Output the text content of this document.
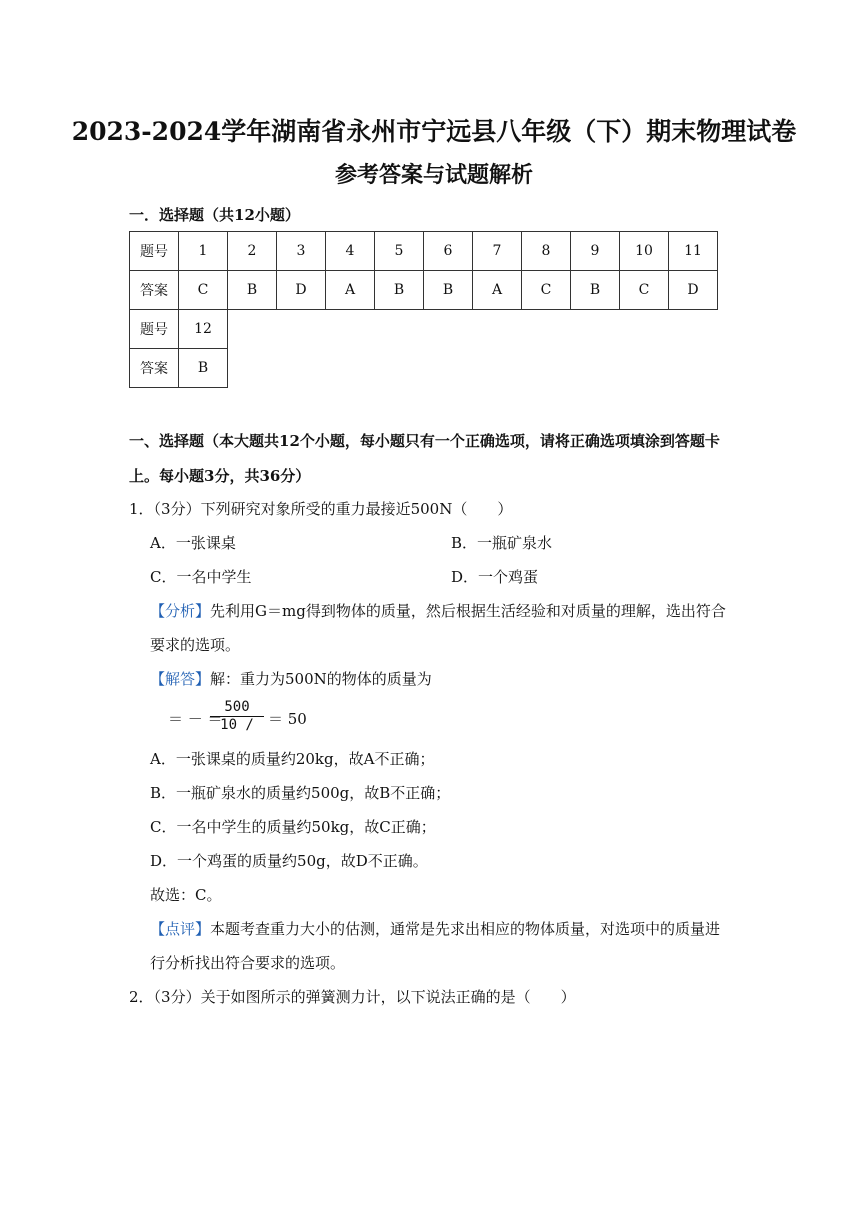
2023-2024学年湖南省永州市宁远县八年级（下）期末物理试卷
参考答案与试题解析
一．选择题（共12小题）
题号	1	2	3	4	5	6	7	8	9	10	11
答案	C	B	D	A	B	B	A	C	B	C	D
题号	12										
答案	B										
一、选择题（本大题共12个小题，每小题只有一个正确选项，请将正确选项填涂到答题卡
上。每小题3分，共36分）
1．（3分）下列研究对象所受的重力最接近500N（　　）
A．一张课桌	B．一瓶矿泉水
C．一名中学生	D．一个鸡蛋
【分析】先利用G＝mg得到物体的质量，然后根据生活经验和对质量的理解，选出符合
要求的选项。
【解答】解：重力为500N的物体的质量为
＝ － ＝
$\frac{500}{10 /} = 50$
A．一张课桌的质量约20kg，故A不正确；
B．一瓶矿泉水的质量约500g，故B不正确；
C．一名中学生的质量约50kg，故C正确；
D．一个鸡蛋的质量约50g，故D不正确。
故选：C。
【点评】本题考查重力大小的估测，通常是先求出相应的物体质量，对选项中的质量进
行分析找出符合要求的选项。
2．（3分）关于如图所示的弹簧测力计，以下说法正确的是（　　）
